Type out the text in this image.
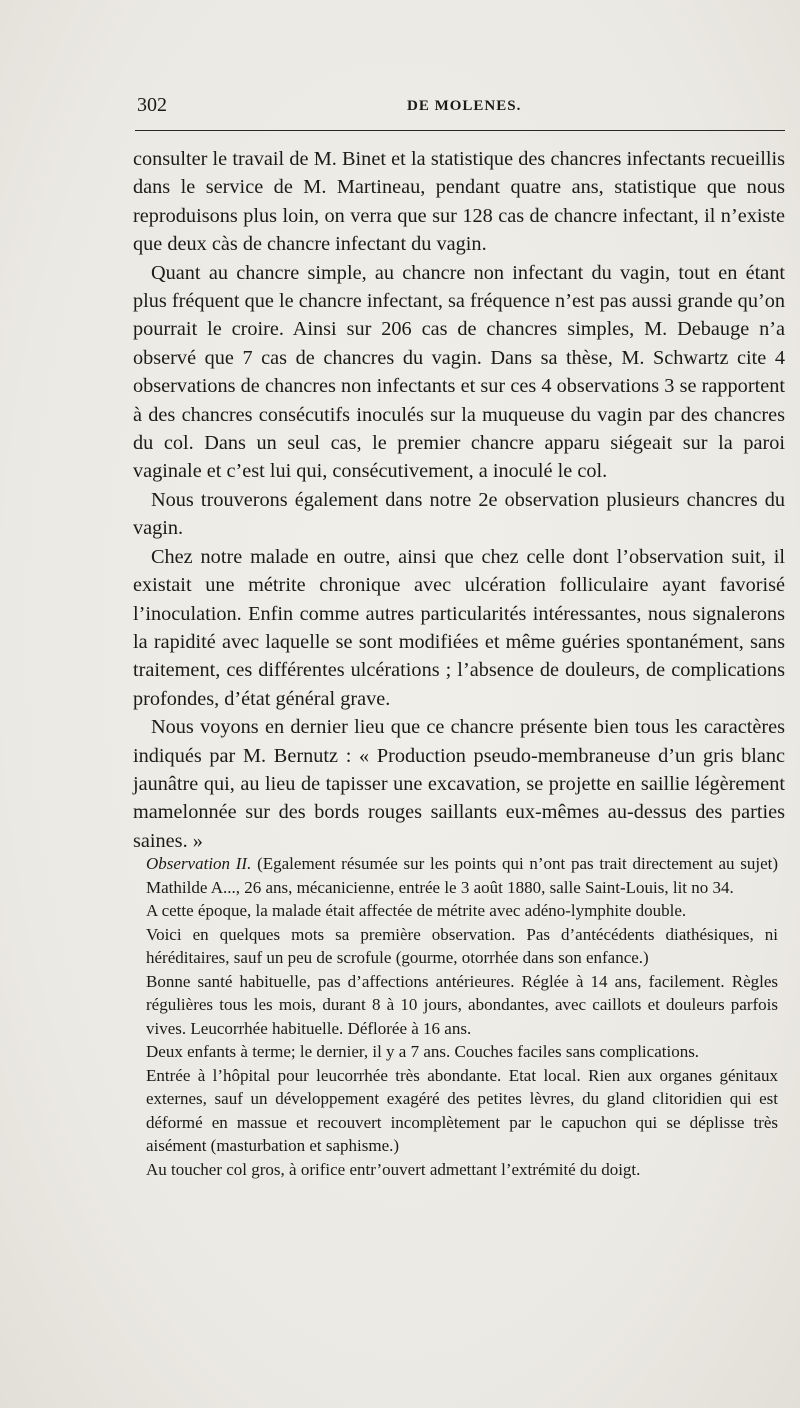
302	DE MOLENES.

consulter le travail de M. Binet et la statistique des chancres infectants recueillis dans le service de M. Martineau, pendant quatre ans, statistique que nous reproduisons plus loin, on verra que sur 128 cas de chancre infectant, il n’existe que deux càs de chancre infectant du vagin.

Quant au chancre simple, au chancre non infectant du vagin, tout en étant plus fréquent que le chancre infectant, sa fréquence n’est pas aussi grande qu’on pourrait le croire. Ainsi sur 206 cas de chancres simples, M. Debauge n’a observé que 7 cas de chancres du vagin. Dans sa thèse, M. Schwartz cite 4 observations de chancres non infectants et sur ces 4 observations 3 se rapportent à des chancres consécutifs inoculés sur la muqueuse du vagin par des chancres du col. Dans un seul cas, le premier chancre apparu siégeait sur la paroi vaginale et c’est lui qui, consécutivement, a inoculé le col.

Nous trouverons également dans notre 2e observation plusieurs chancres du vagin.

Chez notre malade en outre, ainsi que chez celle dont l’observation suit, il existait une métrite chronique avec ulcération folliculaire ayant favorisé l’inoculation. Enfin comme autres particularités intéressantes, nous signalerons la rapidité avec laquelle se sont modifiées et même guéries spontanément, sans traitement, ces différentes ulcérations ; l’absence de douleurs, de complications profondes, d’état général grave.

Nous voyons en dernier lieu que ce chancre présente bien tous les caractères indiqués par M. Bernutz : « Production pseudo-membraneuse d’un gris blanc jaunâtre qui, au lieu de tapisser une excavation, se projette en saillie légèrement mamelonnée sur des bords rouges saillants eux-mêmes au-dessus des parties saines. »

Observation II. (Egalement résumée sur les points qui n’ont pas trait directement au sujet) Mathilde A..., 26 ans, mécanicienne, entrée le 3 août 1880, salle Saint-Louis, lit no 34.

A cette époque, la malade était affectée de métrite avec adéno-lymphite double.

Voici en quelques mots sa première observation. Pas d’antécédents diathésiques, ni héréditaires, sauf un peu de scrofule (gourme, otorrhée dans son enfance.)

Bonne santé habituelle, pas d’affections antérieures. Réglée à 14 ans, facilement. Règles régulières tous les mois, durant 8 à 10 jours, abondantes, avec caillots et douleurs parfois vives. Leucorrhée habituelle. Déflorée à 16 ans.

Deux enfants à terme; le dernier, il y a 7 ans. Couches faciles sans complications.

Entrée à l’hôpital pour leucorrhée très abondante. Etat local. Rien aux organes génitaux externes, sauf un développement exagéré des petites lèvres, du gland clitoridien qui est déformé en massue et recouvert incomplètement par le capuchon qui se déplisse très aisément (masturbation et saphisme.)

Au toucher col gros, à orifice entr’ouvert admettant l’extrémité du doigt.
